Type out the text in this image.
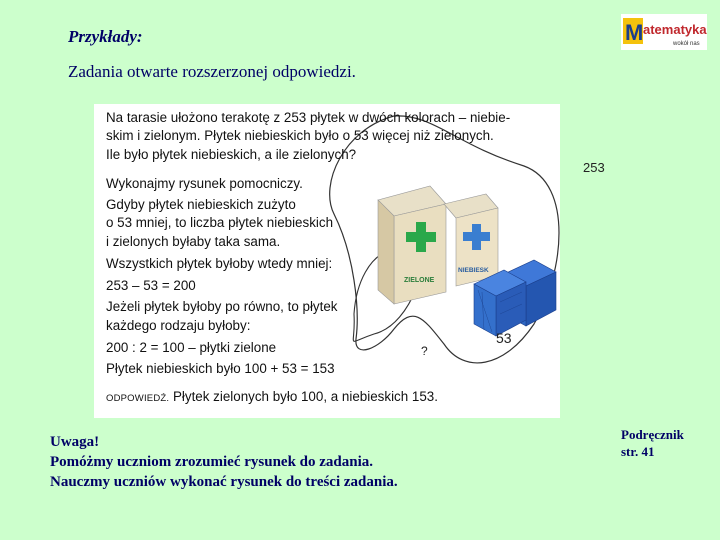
Przykłady:
Zadania otwarte rozszerzonej odpowiedzi.
M atematyka
wokół nas
ZIELONE
NIEBIESK
Na tarasie ułożono terakotę z 253 płytek w dwóch kolorach – niebie-
skim i zielonym. Płytek niebieskich było o 53 więcej niż zielonych.
Ile było płytek niebieskich, a ile zielonych?
Wykonajmy rysunek pomocniczy.
Gdyby płytek niebieskich zużyto
o 53 mniej, to liczba płytek niebieskich
i zielonych byłaby taka sama.
Wszystkich płytek byłoby wtedy mniej:
253 – 53 = 200
Jeżeli płytek byłoby po równo, to płytek
każdego rodzaju byłoby:
200 : 2 = 100 – płytki zielone
Płytek niebieskich było 100 + 53 = 153
ODPOWIEDŹ. Płytek zielonych było 100, a niebieskich 153.
253
53
?
Uwaga!
Pomóżmy uczniom zrozumieć rysunek do zadania.
Nauczmy uczniów wykonać rysunek do treści zadania.
Podręcznik
str. 41
